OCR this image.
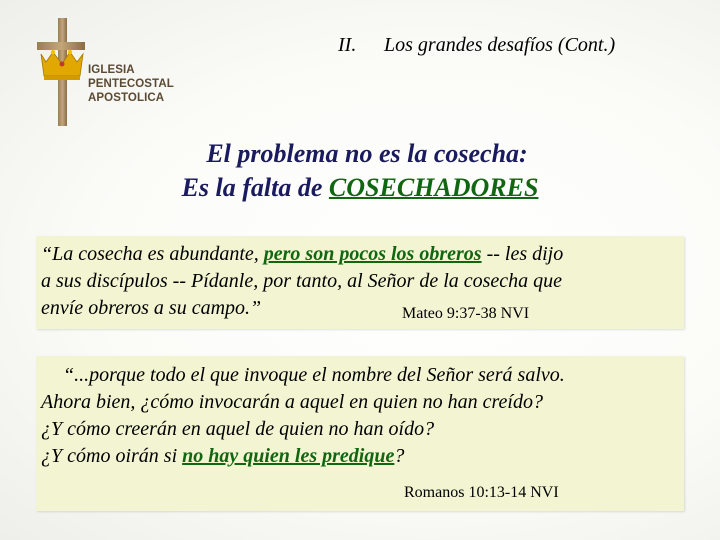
IGLESIA
PENTECOSTAL
APOSTOLICA
II. Los grandes desafíos (Cont.)
El problema no es la cosecha:
Es la falta de COSECHADORES
“La cosecha es abundante, pero son pocos los obreros -- les dijo
a sus discípulos -- Pídanle, por tanto, al Señor de la cosecha que
envíe obreros a su campo.”	Mateo 9:37-38 NVI
“...porque todo el que invoque el nombre del Señor será salvo.
Ahora bien, ¿cómo invocarán a aquel en quien no han creído?
¿Y cómo creerán en aquel de quien no han oído?
¿Y cómo oirán si no hay quien les predique?
Romanos 10:13-14 NVI
